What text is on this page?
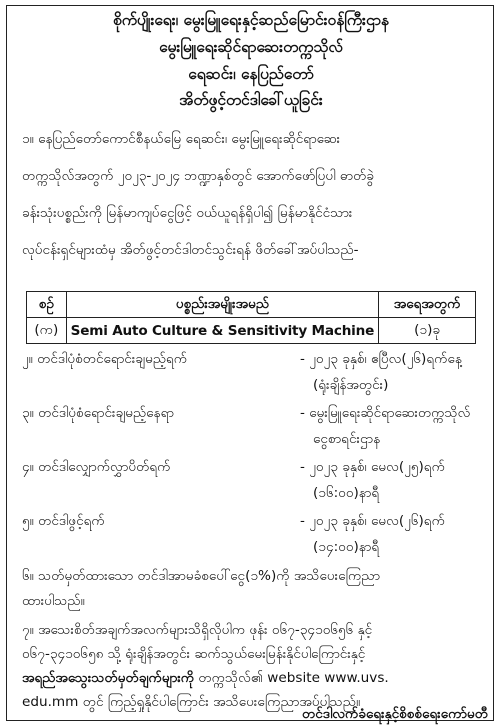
စိုက်ပျိုးရေး၊ မွေးမြူရေးနှင့်ဆည်မြောင်းဝန်ကြီးဌာန
မွေးမြူရေးဆိုင်ရာဆေးတက္ကသိုလ်
ရေဆင်း၊ နေပြည်တော်
အိတ်ဖွင့်တင်ဒါခေါ်ယူခြင်း
၁။ နေပြည်တော်ကောင်စီနယ်မြေ ရေဆင်း၊ မွေးမြူရေးဆိုင်ရာဆေး
တက္ကသိုလ်အတွက် ၂၀၂၃-၂၀၂၄ ဘဏ္ဍာနှစ်တွင် အောက်ဖော်ပြပါ ဓာတ်ခွဲ
ခန်းသုံးပစ္စည်းကို မြန်မာကျပ်ငွေဖြင့် ဝယ်ယူရန်ရှိပါ၍ မြန်မာနိုင်ငံသား
လုပ်ငန်းရှင်များထံမှ အိတ်ဖွင့်တင်ဒါတင်သွင်းရန် ဖိတ်ခေါ်အပ်ပါသည်-
စဉ်	ပစ္စည်းအမျိုးအမည်	အရေအတွက်
(က)	Semi Auto Culture & Sensitivity Machine	(၁)ခု
၂။ တင်ဒါပုံစံတင်ရောင်းချမည့်ရက်	- ၂၀၂၃ ခုနှစ်၊ ဧပြီလ(၂၆)ရက်နေ့
(ရုံးချိန်အတွင်း)
၃။ တင်ဒါပုံစံရောင်းချမည့်နေရာ	- မွေးမြူရေးဆိုင်ရာဆေးတက္ကသိုလ်
ငွေစာရင်းဌာန
၄။ တင်ဒါလျှောက်လွှာပိတ်ရက်	- ၂၀၂၃ ခုနှစ်၊ မေလ(၂၅)ရက်
(၁၆:၀၀)နာရီ
၅။ တင်ဒါဖွင့်ရက်	- ၂၀၂၃ ခုနှစ်၊ မေလ(၂၆)ရက်
(၁၄:၀၀)နာရီ
၆။ သတ်မှတ်ထားသော တင်ဒါအာမခံစပေါ်ငွေ(၁%)ကို အသိပေးကြေညာ
ထားပါသည်။
၇။ အသေးစိတ်အချက်အလက်များသိရှိလိုပါက ဖုန်း ၀၆၇-၃၄၁၀၆၅၆ နှင့်
၀၆၇-၃၄၁၀၆၅၈ သို့ ရုံးချိန်အတွင်း ဆက်သွယ်မေးမြန်းနိုင်ပါကြောင်းနှင့်
အရည်အသွေးသတ်မှတ်ချက်များကို တက္ကသိုလ်၏ website www.uvs.
edu.mm တွင် ကြည့်ရှုနိုင်ပါကြောင်း အသိပေးကြေညာအပ်ပါသည်။
တင်ဒါလက်ခံရေးနှင့်စိစစ်ရေးကော်မတီ
